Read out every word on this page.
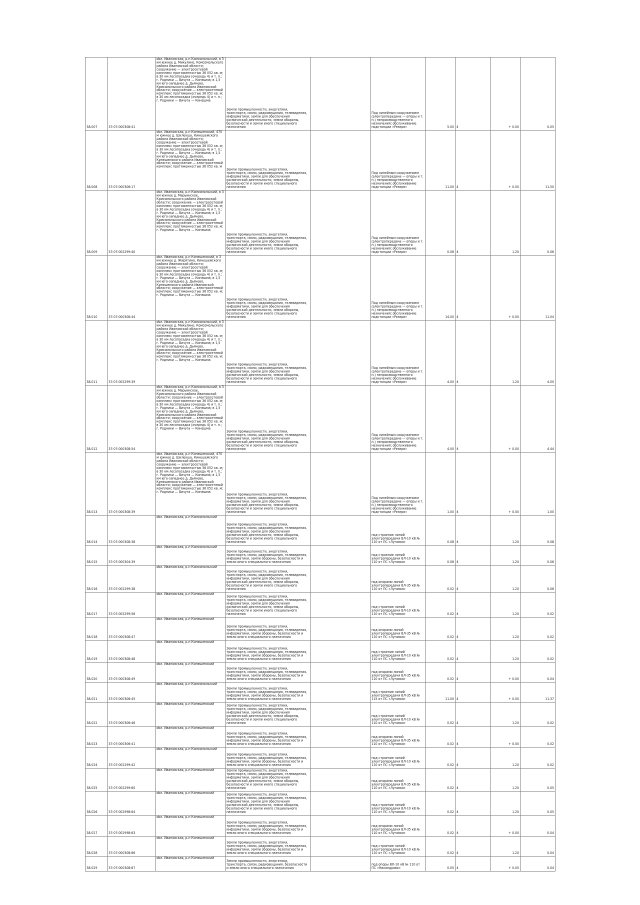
38.007	37:07:000308:41	обл. Ивановская, р-н Комсомольский, в 3 км южнее д. Микулино, Комсомольского района Ивановской области; сооружение — электросетевой комплекс протяженностью 36 052 кв. м; в 30 км лесопосадка (очередь 4) и т. п.; г. Родники — Вичуга — Кинешма; в 1,5 км юго-западнее д. Дьячево, Комсомольского района Ивановской области; сооружение — электросетевой комплекс протяженностью 36 052 кв. м; в 30 км лесопосадка (очередь 4) и т. п.; г. Родники — Вичуга — Кинешма	Земли промышленности, энергетики, транспорта, связи, радиовещания, телевидения, информатики, земли для обеспечения космической деятельности, земли обороны, безопасности и земли иного специального назначения		Под линейным сооружением (электропередача — опоры и т. п.) непроизводственного назначения; обслуживание подстанции «Резерв»	5.00	4	+ 0.00	0.05
38.008	37:07:000306:17	обл. Ивановская, р-н Кинешемский, 470 м южнее д. Шилекша, Кинешемского района Ивановской области; сооружение — электросетевой комплекс протяженностью 36 052 кв. м; в 30 км лесопосадка (очередь 4) и т. п.; г. Родники — Вичуга — Кинешма; в 1,5 км юго-западнее д. Дьячево, Кинешемского района Ивановской области; сооружение — электросетевой комплекс протяженностью 36 052 кв. м	Земли промышленности, энергетики, транспорта, связи, радиовещания, телевидения, информатики, земли для обеспечения космической деятельности, земли обороны, безопасности и земли иного специального назначения		Под линейным сооружением (электропередача — опоры и т. п.) непроизводственного назначения; обслуживание подстанции «Резерв»	11.00	4	+ 0.00	11.50
38.009	37:07:002299:40	обл. Ивановская, р-н Комсомольский, в 3 км южнее д. Марьинское, Комсомольского района Ивановской области; сооружение — электросетевой комплекс протяженностью 36 052 кв. м; в 30 км лесопосадка (очередь 4) и т. п.; г. Родники — Вичуга — Кинешма; в 1,5 км юго-западнее д. Дьячево, Комсомольского района Ивановской области; сооружение — электросетевой комплекс протяженностью 36 052 кв. м; г. Родники — Вичуга — Кинешма	Земли промышленности, энергетики, транспорта, связи, радиовещания, телевидения, информатики, земли для обеспечения космической деятельности, земли обороны, безопасности и земли иного специального назначения		Под линейным сооружением (электропередача — опоры и т. п.) непроизводственного назначения; обслуживание подстанции «Резерв»	0.06	4	1.20	0.06
38.010	37:07:000308:44	обл. Ивановская, р-н Кинешемский, в 3 км южнее д. Жирятино, Кинешемского района Ивановской области; сооружение — электросетевой комплекс протяженностью 36 052 кв. м; в 30 км лесопосадка (очередь 4) и т. п.; г. Родники — Вичуга — Кинешма; в 1,5 км юго-западнее д. Дьячево, Кинешемского района Ивановской области; сооружение — электросетевой комплекс протяженностью 36 052 кв. м; г. Родники — Вичуга — Кинешма	Земли промышленности, энергетики, транспорта, связи, радиовещания, телевидения, информатики, земли для обеспечения космической деятельности, земли обороны, безопасности и земли иного специального назначения		Под линейным сооружением (электропередача — опоры и т. п.) непроизводственного назначения; обслуживание подстанции «Резерв»	14.00	4	+ 0.00	11.04
38.011	37:07:002299:39	обл. Ивановская, р-н Комсомольский, в 3 км южнее д. Микулино, Комсомольского района Ивановской области; сооружение — электросетевой комплекс протяженностью 36 052 кв. м; в 30 км лесопосадка (очередь 4) и т. п.; г. Родники — Вичуга — Кинешма; в 1,5 км юго-западнее д. Дьячево, Комсомольского района Ивановской области; сооружение — электросетевой комплекс протяженностью 36 052 кв. м; г. Родники — Вичуга — Кинешма	Земли промышленности, энергетики, транспорта, связи, радиовещания, телевидения, информатики, земли для обеспечения космической деятельности, земли обороны, безопасности и земли иного специального назначения		Под линейным сооружением (электропередача — опоры и т. п.) непроизводственного назначения; обслуживание подстанции «Резерв»	4.00	4	1.20	4.00
38.012	37:07:000308:54	обл. Ивановская, р-н Комсомольский, в 3 км южнее д. Марьинское, Комсомольского района Ивановской области; сооружение — электросетевой комплекс протяженностью 36 052 кв. м; в 30 км лесопосадка (очередь 4) и т. п.; г. Родники — Вичуга — Кинешма; в 1,5 км юго-западнее д. Дьячево, Комсомольского района Ивановской области; сооружение — электросетевой комплекс протяженностью 36 052 кв. м; в 30 км лесопосадка (очередь 4) и т. п.; г. Родники — Вичуга — Кинешма	Земли промышленности, энергетики, транспорта, связи, радиовещания, телевидения, информатики, земли для обеспечения космической деятельности, земли обороны, безопасности и земли иного специального назначения		Под линейным сооружением (электропередача — опоры и т. п.) непроизводственного назначения; обслуживание подстанции «Резерв»	4.00	4	+ 0.00	4.44
38.013	37:07:000308:39	обл. Ивановская, р-н Кинешемский, 470 м южнее д. Шилекша, Кинешемского района Ивановской области; сооружение — электросетевой комплекс протяженностью 36 052 кв. м; в 30 км лесопосадка (очередь 4) и т. п.; г. Родники — Вичуга — Кинешма; в 1,5 км юго-западнее д. Дьячево, Кинешемского района Ивановской области; сооружение — электросетевой комплекс протяженностью 36 052 кв. м; г. Родники — Вичуга — Кинешма	Земли промышленности, энергетики, транспорта, связи, радиовещания, телевидения, информатики, земли для обеспечения космической деятельности, земли обороны, безопасности и земли иного специального назначения		Под линейным сооружением (электропередача — опоры и т. п.) непроизводственного назначения; обслуживание подстанции «Резерв»	1.00	4	+ 0.00	1.00
38.014	37:07:000308:38	обл. Ивановская, р-н Комсомольский	Земли промышленности, энергетики, транспорта, связи, радиовещания, телевидения, информатики, земли для обеспечения космической деятельности, земли обороны, безопасности и земли иного специального назначения		под строение линий электропередачи ВЛ-10 кВ № 110 от ПС «Луговая»	0.08	4	1.20	0.08
38.015	37:07:000304:39	обл. Ивановская, р-н Комсомольский	Земли промышленности, энергетики, транспорта, связи, радиовещания, телевидения, информатики, земли обороны, безопасности и земли иного специального назначения		под строение линий электропередачи ВЛ-10 кВ № 110 от ПС «Луговая»	0.06	4	1.20	0.06
38.016	37:07:002299:38	обл. Ивановская, р-н Комсомольский	Земли промышленности, энергетики, транспорта, связи, радиовещания, телевидения, информатики, земли для обеспечения космической деятельности, земли обороны, безопасности и земли иного специального назначения		под опорами линий электропередачи ВЛ-35 кВ № 110 от ПС «Луговая»	0.02	4	1.20	0.06
38.017	37:07:002299:56	обл. Ивановская, р-н Кинешемский	Земли промышленности, энергетики, транспорта, связи, радиовещания, телевидения, информатики, земли для обеспечения космической деятельности, земли обороны, безопасности и земли иного специального назначения		под строение линий электропередачи ВЛ-10 кВ № 110 от ПС «Луговая»	0.02	4	1.20	0.02
38.018	37:07:000308:47	обл. Ивановская, р-н Кинешемский	Земли промышленности, энергетики, транспорта, связи, радиовещания, телевидения, информатики, земли обороны, безопасности и земли иного специального назначения		под опорами линий электропередачи ВЛ-35 кВ № 110 от ПС «Луговая»	0.02	4	1.20	0.02
38.019	37:07:000308:48	обл. Ивановская, р-н Кинешемский	Земли промышленности, энергетики, транспорта, связи, радиовещания, телевидения, информатики, земли обороны, безопасности и земли иного специального назначения		под строение линий электропередачи ВЛ-10 кВ № 110 от ПС «Луговая»	0.02	4	1.20	0.02
38.020	37:07:000308:49	обл. Ивановская, р-н Кинешемский	Земли промышленности, энергетики, транспорта, связи, радиовещания, телевидения, информатики, земли обороны, безопасности и земли иного специального назначения		под опорами линий электропередачи ВЛ-35 кВ № 110 от ПС «Луговая»	0.02	4	+ 0.00	0.04
38.021	37:07:000306:45	обл. Ивановская, р-н Комсомольский	Земли промышленности, энергетики, транспорта, связи, радиовещания, телевидения, информатики, земли обороны, безопасности и земли иного специального назначения		под строение линий электропередачи ВЛ-35 кВ № 115 от ПС «Луговая»	11.00	4	+ 0.00	11.37
38.022	37:07:000306:46	обл. Ивановская, р-н Кинешемский	Земли промышленности, энергетики, транспорта, связи, радиовещания, телевидения, информатики, земли для обеспечения космической деятельности, земли обороны, безопасности и земли иного специального назначения		под строение линий электропередачи ВЛ-10 кВ № 110 от ПС «Луговая»	0.02	4	1.20	0.02
38.023	37:07:000306:41	обл. Ивановская, р-н Кинешемский	Земли промышленности, энергетики, транспорта, связи, радиовещания, телевидения, информатики, земли обороны, безопасности и земли иного специального назначения		под опорами линий электропередачи ВЛ-35 кВ № 110 от ПС «Луговая»	0.02	4	+ 0.00	0.02
38.024	37:07:002299:42	обл. Ивановская, р-н Комсомольский	Земли промышленности, энергетики, транспорта, связи, радиовещания, телевидения, информатики, земли обороны, безопасности и земли иного специального назначения		под строение линий электропередачи ВЛ-10 кВ № 110 от ПС «Луговая»	0.02	4	1.20	0.02
38.025	37:07:002299:60	обл. Ивановская, р-н Кинешемский	Земли промышленности, энергетики, транспорта, связи, радиовещания, телевидения, информатики, земли для обеспечения космической деятельности, земли обороны, безопасности и земли иного специального назначения		под опорами линий электропередачи ВЛ-35 кВ № 110 от ПС «Луговая»	0.02	4	1.20	0.05
38.026	37:07:002998:64	обл. Ивановская, р-н Кинешемский	Земли промышленности, энергетики, транспорта, связи, радиовещания, телевидения, информатики, земли для обеспечения космической деятельности, земли обороны, безопасности и земли иного специального назначения		под строение линий электропередачи ВЛ-10 кВ № 110 от ПС «Луговая»	0.02	4	1.20	0.05
38.027	37:07:002998:63	обл. Ивановская, р-н Кинешемский	Земли промышленности, энергетики, транспорта, связи, радиовещания, телевидения, информатики, земли обороны, безопасности и земли иного специального назначения		под опорами линий электропередачи ВЛ-35 кВ № 110 от ПС «Луговая»	0.02	4	+ 0.00	0.04
38.028	37:07:000308:66	обл. Ивановская, р-н Кинешемский	Земли промышленности, энергетики, транспорта, связи, радиовещания, телевидения, информатики, земли обороны, безопасности и земли иного специального назначения		под строение линий электропередачи ВЛ-10 кВ № 110 от ПС «Луговая»	0.02	4	1.20	0.04
38.029	37:07:000308:67	обл. Ивановская, р-н Кинешемский	Земли промышленности, энергетики, транспорта, связи, радиовещания, безопасности и земли иного специального назначения		под опоры ВЛ-10 кВ № 110 от ПС «Никандрово»	0.05	4	+ 0.00	0.04
